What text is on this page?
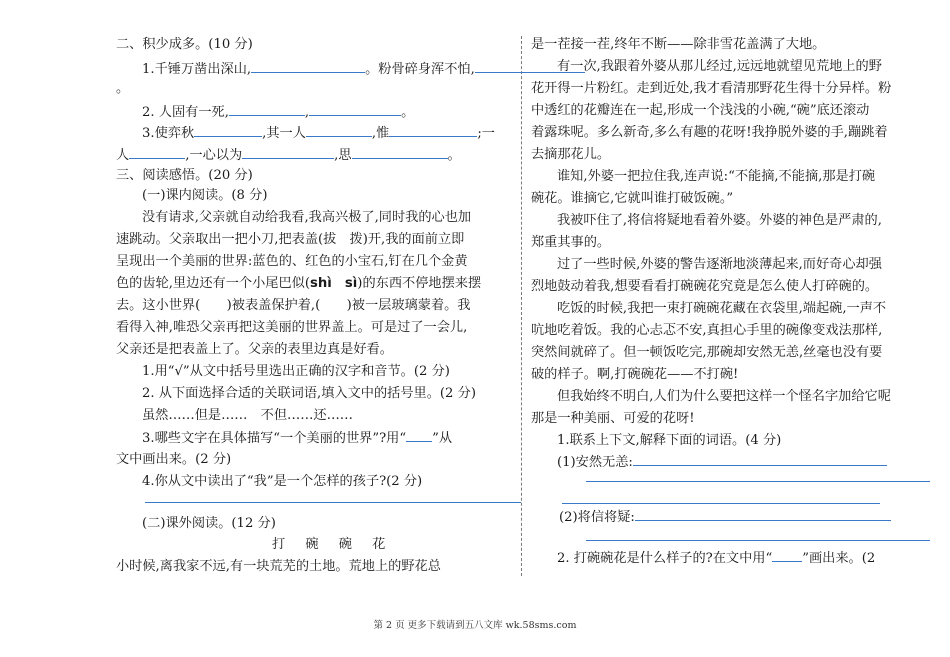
二、积少成多。(10 分)
1.千锤万凿出深山,	。粉骨碎身浑不怕,
。
2. 人固有一死,	,	。
3.使弈秋	,其一人	,惟	;一
人	,一心以为	,思	。
三、阅读感悟。(20 分)
(一)课内阅读。(8 分)
没有请求,父亲就自动给我看,我高兴极了,同时我的心也加
速跳动。父亲取出一把小刀,把表盖(拔　拨)开,我的面前立即
呈现出一个美丽的世界:蓝色的、红色的小宝石,钉在几个金黄
色的齿轮,里边还有一个小尾巴似(shì　sì)的东西不停地摆来摆
去。这小世界(　　)被表盖保护着,(　　)被一层玻璃蒙着。我
看得入神,唯恐父亲再把这美丽的世界盖上。可是过了一会儿,
父亲还是把表盖上了。父亲的表里边真是好看。
1.用“√”从文中括号里选出正确的汉字和音节。(2 分)
2. 从下面选择合适的关联词语,填入文中的括号里。(2 分)
虽然……但是……　不但……还……
3.哪些文字在具体描写“一个美丽的世界”?用“ ”从
文中画出来。(2 分)
4.你从文中读出了“我”是一个怎样的孩子?(2 分)
(二)课外阅读。(12 分)
打 碗 碗 花
小时候,离我家不远,有一块荒芜的土地。荒地上的野花总
是一茬接一茬,终年不断——除非雪花盖满了大地。
有一次,我跟着外婆从那儿经过,远远地就望见荒地上的野
花开得一片粉红。走到近处,我才看清那野花生得十分异样。粉
中透红的花瓣连在一起,形成一个浅浅的小碗,“碗”底还滚动
着露珠呢。多么新奇,多么有趣的花呀!我挣脱外婆的手,蹦跳着
去摘那花儿。
谁知,外婆一把拉住我,连声说:“不能摘,不能摘,那是打碗
碗花。谁摘它,它就叫谁打破饭碗。”
我被吓住了,将信将疑地看着外婆。外婆的神色是严肃的,
郑重其事的。
过了一些时候,外婆的警告逐渐地淡薄起来,而好奇心却强
烈地鼓动着我,想要看看打碗碗花究竟是怎么使人打碎碗的。
吃饭的时候,我把一束打碗碗花藏在衣袋里,端起碗,一声不
吭地吃着饭。我的心忐忑不安,真担心手里的碗像变戏法那样,
突然间就碎了。但一顿饭吃完,那碗却安然无恙,丝毫也没有要
破的样子。啊,打碗碗花——不打碗!
但我始终不明白,人们为什么要把这样一个怪名字加给它呢
那是一种美丽、可爱的花呀!
1.联系上下文,解释下面的词语。(4 分)
(1)安然无恙:
(2)将信将疑:
2. 打碗碗花是什么样子的?在文中用“ ”画出来。(2
第 2 页 更多下载请到五八文库 wk.58sms.com
